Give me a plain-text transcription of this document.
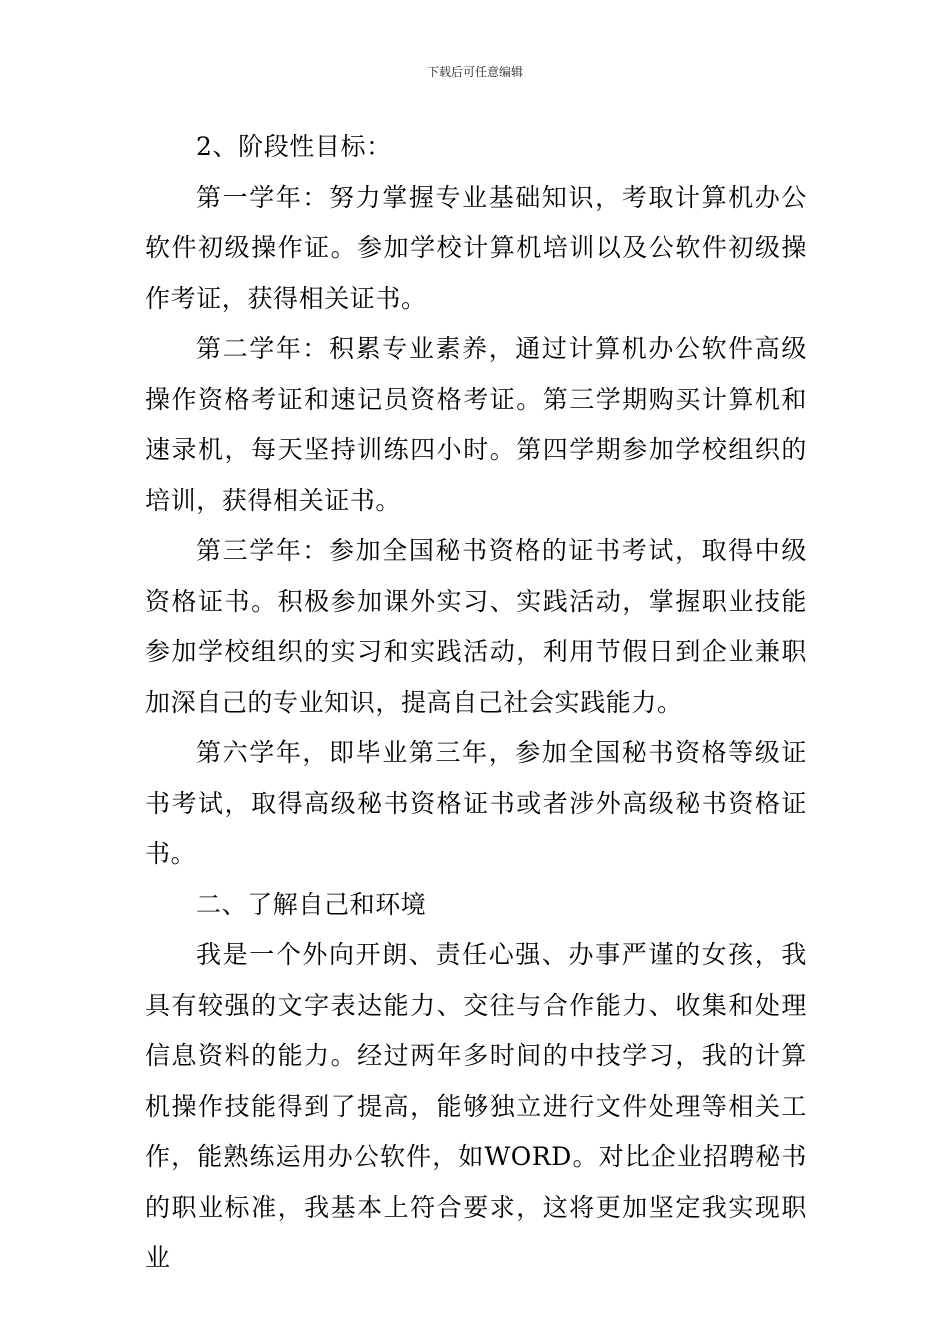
下载后可任意编辑

2、阶段性目标：

第一学年：努力掌握专业基础知识，考取计算机办公软件初级操作证。参加学校计算机培训以及公软件初级操作考证，获得相关证书。

第二学年：积累专业素养，通过计算机办公软件高级操作资格考证和速记员资格考证。第三学期购买计算机和速录机，每天坚持训练四小时。第四学期参加学校组织的培训，获得相关证书。

第三学年：参加全国秘书资格的证书考试，取得中级资格证书。积极参加课外实习、实践活动，掌握职业技能参加学校组织的实习和实践活动，利用节假日到企业兼职加深自己的专业知识，提高自己社会实践能力。

第六学年，即毕业第三年，参加全国秘书资格等级证书考试，取得高级秘书资格证书或者涉外高级秘书资格证书。

二、了解自己和环境

我是一个外向开朗、责任心强、办事严谨的女孩，我具有较强的文字表达能力、交往与合作能力、收集和处理信息资料的能力。经过两年多时间的中技学习，我的计算机操作技能得到了提高，能够独立进行文件处理等相关工作，能熟练运用办公软件，如WORD。对比企业招聘秘书的职业标准，我基本上符合要求，这将更加坚定我实现职业
